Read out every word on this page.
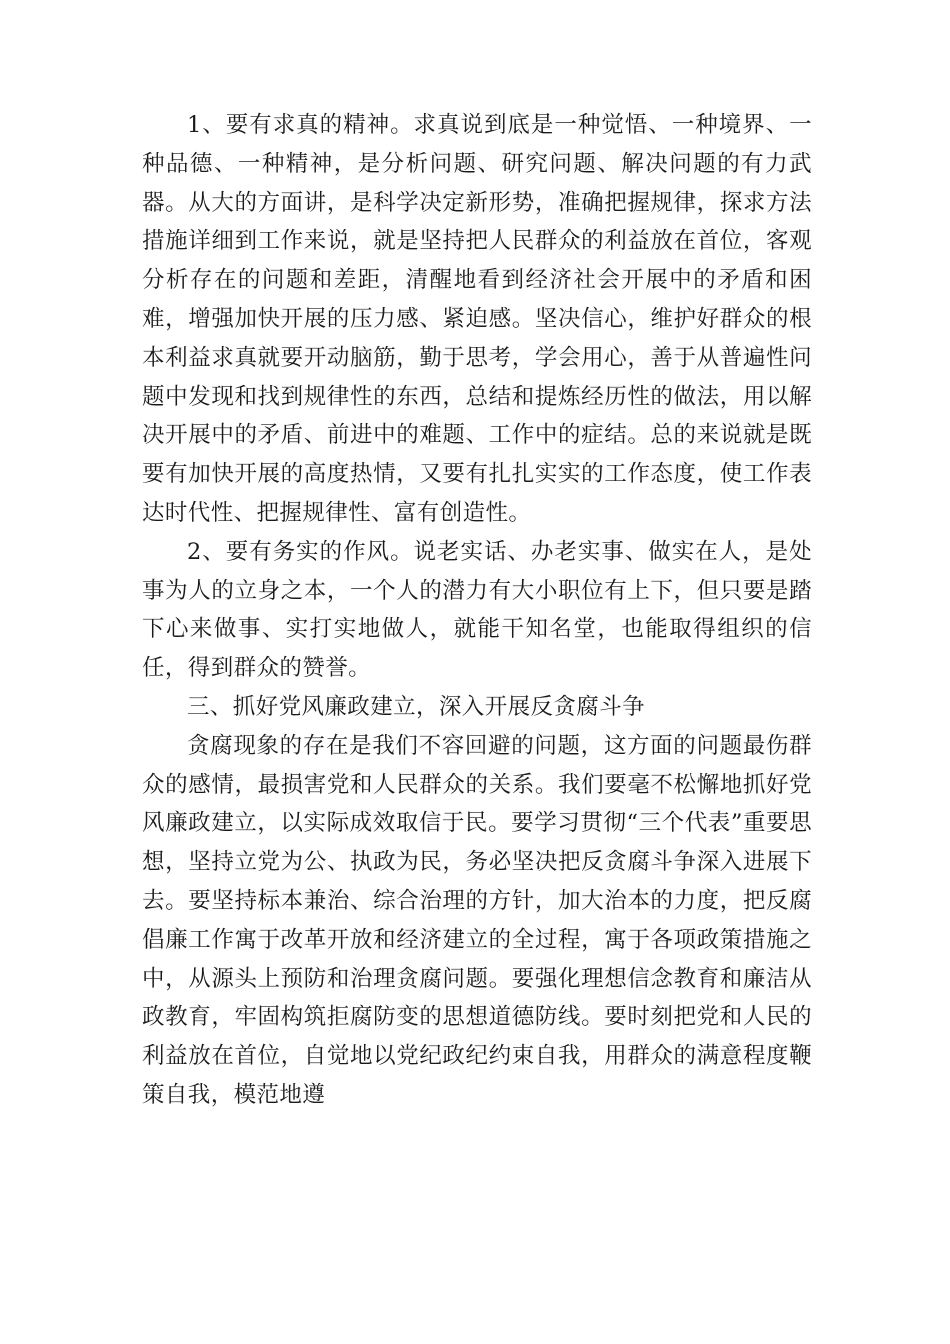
1、要有求真的精神。求真说到底是一种觉悟、一种境界、一种品德、一种精神，是分析问题、研究问题、解决问题的有力武器。从大的方面讲，是科学决定新形势，准确把握规律，探求方法措施详细到工作来说，就是坚持把人民群众的利益放在首位，客观分析存在的问题和差距，清醒地看到经济社会开展中的矛盾和困难，增强加快开展的压力感、紧迫感。坚决信心，维护好群众的根本利益求真就要开动脑筋，勤于思考，学会用心，善于从普遍性问题中发现和找到规律性的东西，总结和提炼经历性的做法，用以解决开展中的矛盾、前进中的难题、工作中的症结。总的来说就是既要有加快开展的高度热情，又要有扎扎实实的工作态度，使工作表达时代性、把握规律性、富有创造性。

2、要有务实的作风。说老实话、办老实事、做实在人，是处事为人的立身之本，一个人的潜力有大小职位有上下，但只要是踏下心来做事、实打实地做人，就能干知名堂，也能取得组织的信任，得到群众的赞誉。

三、抓好党风廉政建立，深入开展反贪腐斗争

贪腐现象的存在是我们不容回避的问题，这方面的问题最伤群众的感情，最损害党和人民群众的关系。我们要毫不松懈地抓好党风廉政建立，以实际成效取信于民。要学习贯彻“三个代表”重要思想，坚持立党为公、执政为民，务必坚决把反贪腐斗争深入进展下去。要坚持标本兼治、综合治理的方针，加大治本的力度，把反腐倡廉工作寓于改革开放和经济建立的全过程，寓于各项政策措施之中，从源头上预防和治理贪腐问题。要强化理想信念教育和廉洁从政教育，牢固构筑拒腐防变的思想道德防线。要时刻把党和人民的利益放在首位，自觉地以党纪政纪约束自我，用群众的满意程度鞭策自我，模范地遵
